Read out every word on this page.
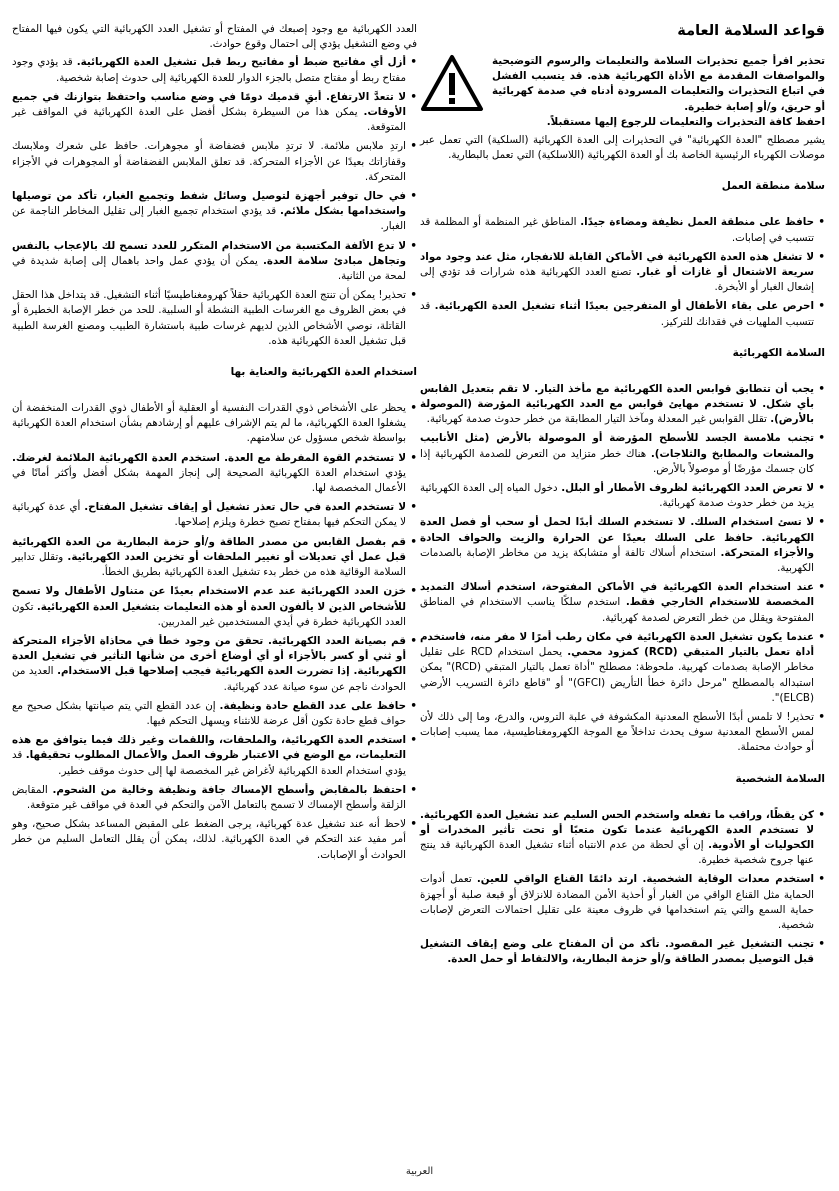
قواعد السلامة العامة
تحذير اقرأ جميع تحذيرات السلامة والتعليمات والرسوم التوضيحية والمواصفات المقدمة مع الأداة الكهربائية هذه. قد يتسبب الفشل في اتباع التحذيرات والتعليمات المسرودة أدناه في صدمة كهربائية أو حريق، و/أو إصابة خطيرة.

احفظ كافة التحذيرات والتعليمات للرجوع إليها مستقبلاً.

يشير مصطلح "العدة الكهربائية" في التحذيرات إلى العدة الكهربائية (السلكية) التي تعمل عبر موصلات الكهرباء الرئيسية الخاصة بك أو العدة الكهربائية (اللاسلكية) التي تعمل بالبطارية.

سلامة منطقة العمل
• حافظ على منطقة العمل نظيفة ومضاءة جيدًا. المناطق غير المنظمة أو المظلمة قد تتسبب في إصابات.
• لا تشغل هذه العدة الكهربائية في الأماكن القابلة للانفجار، مثل عند وجود مواد سريعة الاشتعال أو غازات أو غبار. تصنع العدد الكهربائية هذه شرارات قد تؤدي إلى إشعال الغبار أو الأبخرة.
• احرص على بقاء الأطفال أو المتفرجين بعيدًا أثناء تشغيل العدة الكهربائية. قد تتسبب الملهيات في فقدانك للتركيز.
السلامة الكهربائية
• يجب أن تتطابق قوابس العدة الكهربائية مع مأخذ التيار. لا تقم بتعديل القابس بأي شكل. لا تستخدم مهايئ قوابس مع العدد الكهربائية المؤرضة (الموصولة بالأرض). تقلل القوابس غير المعدلة ومآخذ التيار المطابقة من خطر حدوث صدمة كهربائية.
• تجنب ملامسة الجسد للأسطح المؤرضة أو الموصولة بالأرض (مثل الأنابيب والمشعات والمطابخ والثلاجات). هناك خطر متزايد من التعرض للصدمة الكهربائية إذا كان جسمك مؤرضًا أو موصولاً بالأرض.
• لا تعرض العدد الكهربائية لظروف الأمطار أو البلل. دخول المياه إلى العدة الكهربائية يزيد من خطر حدوث صدمة كهربائية.
• لا تسئ استخدام السلك. لا تستخدم السلك أبدًا لحمل أو سحب أو فصل العدة الكهربائية. حافظ على السلك بعيدًا عن الحرارة والزيت والحواف الحادة والأجزاء المتحركة. استخدام أسلاك تالفة أو متشابكة يزيد من مخاطر الإصابة بالصدمات الكهربية.
• عند استخدام العدة الكهربائية في الأماكن المفتوحة، استخدم أسلاك التمديد المخصصة للاستخدام الخارجي فقط. استخدم سلكًا يناسب الاستخدام في المناطق المفتوحة ويقلل من خطر التعرض لصدمة كهربائية.
• عندما يكون تشغيل العدة الكهربائية في مكان رطب أمرًا لا مفر منه، فاستخدم أداة تعمل بالتيار المتبقي (RCD) كمزود محمي. يحمل استخدام RCD على تقليل مخاطر الإصابة بصدمات كهربية. ملحوظة: مصطلح "أداة تعمل بالتيار المتبقي (RCD)" يمكن استبداله بالمصطلح "مرحل دائرة خطأ التأريض (GFCI)" أو "قاطع دائرة التسريب الأرضي (ELCB)".
• تحذير! لا تلمس أبدًا الأسطح المعدنية المكشوفة في علبة التروس، والدرع، وما إلى ذلك لأن لمس الأسطح المعدنية سوف يحدث تداخلاً مع الموجة الكهرومغناطيسية، مما يسبب إصابات أو حوادث محتملة.
السلامة الشخصية
• كن يقظًا، وراقب ما تفعله واستخدم الحس السليم عند تشغيل العدة الكهربائية. لا تستخدم العدة الكهربائية عندما تكون متعبًا أو تحت تأثير المخدرات أو الكحوليات أو الأدوية. إن أي لحظة من عدم الانتباه أثناء تشغيل العدة الكهربائية قد ينتج عنها جروح شخصية خطيرة.
• استخدم معدات الوقاية الشخصية. ارتد دائمًا القناع الواقي للعين. تعمل أدوات الحماية مثل القناع الواقي من الغبار أو أحذية الأمن المضادة للانزلاق أو قبعة صلبة أو أجهزة حماية السمع والتي يتم استخدامها في ظروف معينة على تقليل احتمالات التعرض لإصابات شخصية.
• تجنب التشغيل غير المقصود. تأكد من أن المفتاح على وضع إيقاف التشغيل قبل التوصيل بمصدر الطاقة و/أو حزمة البطارية، والالتقاط أو حمل العدة.

العدد الكهربائية مع وجود إصبعك في المفتاح أو تشغيل العدد الكهربائية التي يكون فيها المفتاح في وضع التشغيل يؤدي إلى احتمال وقوع حوادث.

• أزل أي مفاتيح ضبط أو مفاتيح ربط قبل تشغيل العدة الكهربائية. قد يؤدي وجود مفتاح ربط أو مفتاح متصل بالجزء الدوار للعدة الكهربائية إلى حدوث إصابة شخصية.
• لا تتعدَّ الارتفاع. أبقِ قدميك دومًا في وضع مناسب واحتفظ بتوازنك في جميع الأوقات. يمكن هذا من السيطرة بشكل أفضل على العدة الكهربائية في المواقف غير المتوقعة.
• ارتدِ ملابس ملائمة. لا ترتدِ ملابس فضفاضة أو مجوهرات. حافظ على شعرك وملابسك وقفازاتك بعيدًا عن الأجزاء المتحركة. قد تعلق الملابس الفضفاضة أو المجوهرات في الأجزاء المتحركة.
• في حال توفير أجهزة لتوصيل وسائل شفط وتجميع الغبار، تأكد من توصيلها واستخدامها بشكل ملائم. قد يؤدي استخدام تجميع الغبار إلى تقليل المخاطر الناجمة عن الغبار.
• لا تدع الألفة المكتسبة من الاستخدام المتكرر للعدد تسمح لك بالإعجاب بالنفس وتجاهل مبادئ سلامة العدة. يمكن أن يؤدي عمل واحد باهمال إلى إصابة شديدة في لمحة من الثانية.
• تحذير! يمكن أن تنتج العدة الكهربائية حقلاً كهرومغناطيسيًا أثناء التشغيل. قد يتداخل هذا الحقل في بعض الظروف مع الغرسات الطبية النشطة أو السلبية. للحد من خطر الإصابة الخطيرة أو القاتلة، نوصي الأشخاص الذين لديهم غرسات طبية باستشارة الطبيب ومصنع الغرسة الطبية قبل تشغيل العدة الكهربائية هذه.
استخدام العدة الكهربائية والعناية بها
• يحظر على الأشخاص ذوي القدرات النفسية أو العقلية أو الأطفال ذوي القدرات المنخفضة أن يشغلوا العدة الكهربائية، ما لم يتم الإشراف عليهم أو إرشادهم بشأن استخدام العدة الكهربائية بواسطة شخص مسؤول عن سلامتهم.
• لا تستخدم القوة المفرطة مع العدة. استخدم العدة الكهربائية الملائمة لغرضك. يؤدي استخدام العدة الكهربائية الصحيحة إلى إنجاز المهمة بشكل أفضل وأكثر أمانًا في الأعمال المخصصة لها.
• لا تستخدم العدة في حال تعذر تشغيل أو إيقاف تشغيل المفتاح. أي عدة كهربائية لا يمكن التحكم فيها بمفتاح تصبح خطرة ويلزم إصلاحها.
• قم بفصل القابس من مصدر الطاقة و/أو حزمة البطارية من العدة الكهربائية قبل عمل أي تعديلات أو تغيير الملحقات أو تخزين العدد الكهربائية. وتقلل تدابير السلامة الوقائية هذه من خطر بدء تشغيل العدة الكهربائية بطريق الخطأ.
• خزن العدد الكهربائية عند عدم الاستخدام بعيدًا عن متناول الأطفال ولا تسمح للأشخاص الذين لا يألفون العدة أو هذه التعليمات بتشغيل العدة الكهربائية. تكون العدد الكهربائية خطرة في أيدي المستخدمين غير المدربين.
• قم بصيانة العدد الكهربائية. تحقق من وجود خطأ في محاذاة الأجزاء المتحركة أو ثني أو كسر بالأجزاء أو أي أوضاع أخرى من شأنها التأثير في تشغيل العدة الكهربائية. إذا تضررت العدة الكهربائية فيجب إصلاحها قبل الاستخدام. العديد من الحوادث ناجم عن سوء صيانة عدد كهربائية.
• حافظ على عدد القطع حادة ونظيفة. إن عدد القطع التي يتم صيانتها بشكل صحيح مع حواف قطع حادة تكون أقل عرضة للانثناء ويسهل التحكم فيها.
• استخدم العدة الكهربائية، والملحقات، واللقمات وغير ذلك فيما يتوافق مع هذه التعليمات، مع الوضع في الاعتبار ظروف العمل والأعمال المطلوب تحقيقها. قد يؤدي استخدام العدة الكهربائية لأغراض غير المخصصة لها إلى حدوث موقف خطير.
• احتفظ بالمقابض وأسطح الإمساك جافة ونظيفة وخالية من الشحوم. المقابض الزلقة وأسطح الإمساك لا تسمح بالتعامل الآمن والتحكم في العدة في مواقف غير متوقعة.
• لاحظ أنه عند تشغيل عدة كهربائية، يرجى الضغط على المقبض المساعد بشكل صحيح، وهو أمر مفيد عند التحكم في العدة الكهربائية. لذلك، يمكن أن يقلل التعامل السليم من خطر الحوادث أو الإصابات.
العربية
